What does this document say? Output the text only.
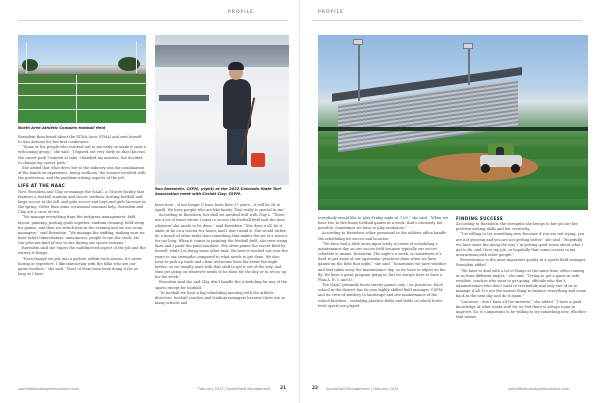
PROFILE
North Area Athletic Complex football field

Roesslein then heard about the STMA (now STMA) and sent herself to San Antonio for her first conference.

“Some of the people who reached out to me early on made it such a welcoming group,” she said. “I figured out very early on that this was the career path I wanted to take. I finished my masters, but decided to change my career path.”

She added that what drew her to the industry was the combination of the hands-on experience, being outdoors, the science involved with the profession, and the problem-solving aspects of the job.

LIFE AT THE NAAC

Now, Roesslein and Clay co-manage the NAAC, a 74-acre facility that features a football stadium and soccer stadium, hosting football and large soccer in the fall, and girls soccer and boys and girls lacrosse in the spring. Other than some occasional seasonal help, Roesslein and Clay are a crew of two.

“We manage everything from the turfgrass management, field layout, painting, putting goals together, stadium cleaning, field setup for games, and then we switch hats in the evening and we are event managers,” said Roesslein. “We manage the staffing, making sure we have ticket takers/takers, announcers, people to run the clock, etc. Our jobs are kind of two in one during our sports seasons.”

Roesslein said she enjoys the multifaceted aspect of the job and the variety it brings.

“Even though we put into a pattern within each season, it’s never boring or repetitive. I like interacting with the folks who are our game workers,” she said. “Most of them have been doing it for as long as I have

Ron Roesslein, CSFM, (right) at the 2022 Colorado State Turf Association meet with Christi Clay, CSFM.

been here – if not longer (I have been here 27 years – it will be 28 in April). We have people who are like family. That really is special to me.”

According to Roesslein, her skill set meshed well with Clay’s. “There are a lot of times where I want to access the football field and she does whatever she needs to be done,” said Roesslein. “She does it all, be it smile or be on a tractor for hours, and I don’t mind it. She would rather do a bunch of other tasks than something that makes the art of a tractor for too long. When it comes to painting the football field, she runs string lines and I paint the paint machine. She often paints the soccer field by herself, while I’m doing some other task. We have it worked out over the years to our strengths compared to what needs to get done. We also have to pick up trash and clean restrooms from the event the night before, so we usually start with that stuff to get it out of the way, and then get going on whatever needs to be done for the day or to set us up for the week.”

Roesslein said she and Clay don’t handle the scheduling for any of the sports except for football.

“In football we have a big scheduling meeting with the athletic directors, football coaches and stadium managers because there are so many schools and

sportsfieldmanagementonline.com	February 2023 | SportsField Management 21
PROFILE

everybody would like to play Friday night at 7:00,” she said. “When we have two to five home football games in a week, that’s obviously not possible. Sometimes we have to play mediators.”

According to Roesslein, other personnel in the athletic office handle the scheduling for soccer and lacrosse.

“We have had a little more input lately in terms of scheduling a maintenance day on our soccer field because typically our soccer schedule is insane, Roesslein. The night’s a week, so sometimes it’s hard to get some of our agronomic practices done when we have games on the field that night,” she said. “Sometimes we have weather and that takes away the maintenance day, so we have to adjust on the fly. We have a great program going in, but we always have to have a Plan A, B, C and D.”

The NAAC primarily hosts varsity games only – no practices. Each school in the district has its own highly skilled field manager, CSFM, and its crew of sixtilecy to landscape and site maintenance of the school facilities – including practice fields and fields on which lower-level sports are played.

FINDING SUCCESS

According to Roesslein, the strengths she brings to her job are her problem-solving skills and her creativity.

“I’m willing to try something new, because if you are not trying, you are not growing and you are not getting better,” she said. “Hopefully, we have some fun along the way. I’m getting good sense about what I got to do, and I love my job, so hopefully that comes across in my interactions with other people.”

Perseverance is the most important quality in a sports field manager, Roesslein added.

“We have to deal with a lot of things at the same time, often coming at us from different angles,” she said. “Trying to get a game in with weather, coaches who want to get going, officials who don’t, administrators who don’t want to reschedule and only two of us to manage it all. It’s not the easiest thing to balance everything and come back in the next day and do it again.”

“Lacrosse – don’t have all the answers,” she added. “I have a good knowledge of what works well for us, but there is always room to improve. So, it’s important to be willing to try something new. Whether that means

22 SportsField Management | February 2023	sportsfieldmanagementonline.com
